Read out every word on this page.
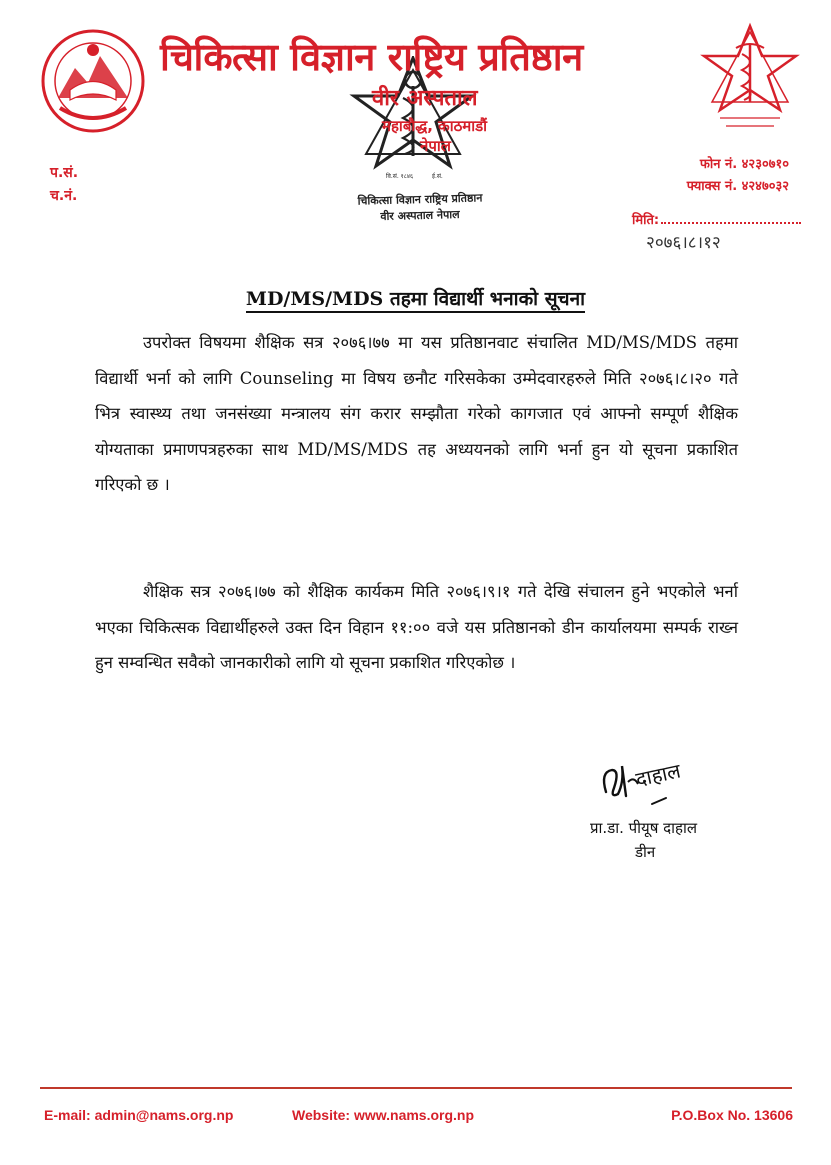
वि.सं. १८४६	ई.सं.
चिकित्सा विज्ञान राष्ट्रिय प्रतिष्ठान
वीर अस्पताल
महाबौद्ध, काठमाडौं
नेपाल
चिकित्सा विज्ञान राष्ट्रिय प्रतिष्ठान
वीर अस्पताल नेपाल
प.सं.
च.नं.
फोन नं. ४२३०७१०
फ्याक्स नं. ४२४७०३२
मिति:
२०७६।८।१२
MD/MS/MDS तहमा विद्यार्थी भनाको सूचना
उपरोक्त विषयमा शैक्षिक सत्र २०७६।७७ मा यस प्रतिष्ठानवाट संचालित MD/MS/MDS तहमा विद्यार्थी भर्ना को लागि Counseling मा विषय छनौट गरिसकेका उम्मेदवारहरुले मिति २०७६।८।२० गते भित्र स्वास्थ्य तथा जनसंख्या मन्त्रालय संग करार सम्झौता गरेको कागजात एवं आफ्नो सम्पूर्ण शैक्षिक योग्यताका प्रमाणपत्रहरुका साथ MD/MS/MDS तह अध्ययनको लागि भर्ना हुन यो सूचना प्रकाशित गरिएको छ ।
शैक्षिक सत्र २०७६।७७ को शैक्षिक कार्यकम मिति २०७६।९।१ गते देखि संचालन हुने भएकोले भर्ना भएका चिकित्सक विद्यार्थीहरुले उक्त दिन विहान ११:०० वजे यस प्रतिष्ठानको डीन कार्यालयमा सम्पर्क राख्न हुन सम्वन्धित सवैको जानकारीको लागि यो सूचना प्रकाशित गरिएकोछ ।
दाहाल
प्रा.डा. पीयूष दाहाल
डीन
E-mail: admin@nams.org.np	Website: www.nams.org.np	P.O.Box No. 13606
